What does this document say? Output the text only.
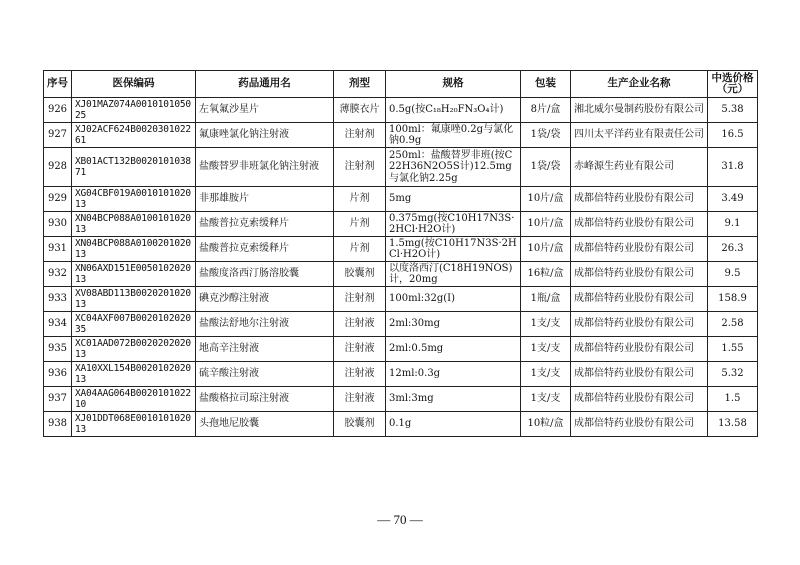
序号	医保编码	药品通用名	剂型	规格	包装	生产企业名称	中选价格（元）
926	XJ01MAZ074A001010105025	左氧氟沙星片	薄膜衣片	0.5g(按C₁₈H₂₀FN₃O₄计)	8片/盒	湘北威尔曼制药股份有限公司	5.38
927	XJ02ACF624B002030102261	氟康唑氯化钠注射液	注射剂	100ml：氟康唑0.2g与氯化钠0.9g	1袋/袋	四川太平洋药业有限责任公司	16.5
928	XB01ACT132B002010103871	盐酸替罗非班氯化钠注射液	注射剂	250ml：盐酸替罗非班(按C22H36N2O5S计)12.5mg与氯化钠2.25g	1袋/袋	赤峰源生药业有限公司	31.8
929	XG04CBF019A001010102013	非那雄胺片	片剂	5mg	10片/盒	成都倍特药业股份有限公司	3.49
930	XN04BCP088A010010102013	盐酸普拉克索缓释片	片剂	0.375mg(按C10H17N3S·2HCl·H2O计)	10片/盒	成都倍特药业股份有限公司	9.1
931	XN04BCP088A010020102013	盐酸普拉克索缓释片	片剂	1.5mg(按C10H17N3S·2HCl·H2O计)	10片/盒	成都倍特药业股份有限公司	26.3
932	XN06AXD151E005010202013	盐酸度洛西汀肠溶胶囊	胶囊剂	以度洛西汀(C18H19NOS)计，20mg	16粒/盒	成都倍特药业股份有限公司	9.5
933	XV08ABD113B002020102013	碘克沙醇注射液	注射剂	100ml:32g(I)	1瓶/盒	成都倍特药业股份有限公司	158.9
934	XC04AXF007B002010202035	盐酸法舒地尔注射液	注射液	2ml:30mg	1支/支	成都倍特药业股份有限公司	2.58
935	XC01AAD072B002020202013	地高辛注射液	注射液	2ml:0.5mg	1支/支	成都倍特药业股份有限公司	1.55
936	XA10XXL154B002010202013	硫辛酸注射液	注射液	12ml:0.3g	1支/支	成都倍特药业股份有限公司	5.32
937	XA04AAG064B002010102210	盐酸格拉司琼注射液	注射液	3ml:3mg	1支/支	成都倍特药业股份有限公司	1.5
938	XJ01DDT068E001010102013	头孢地尼胶囊	胶囊剂	0.1g	10粒/盒	成都倍特药业股份有限公司	13.58
— 70 —
